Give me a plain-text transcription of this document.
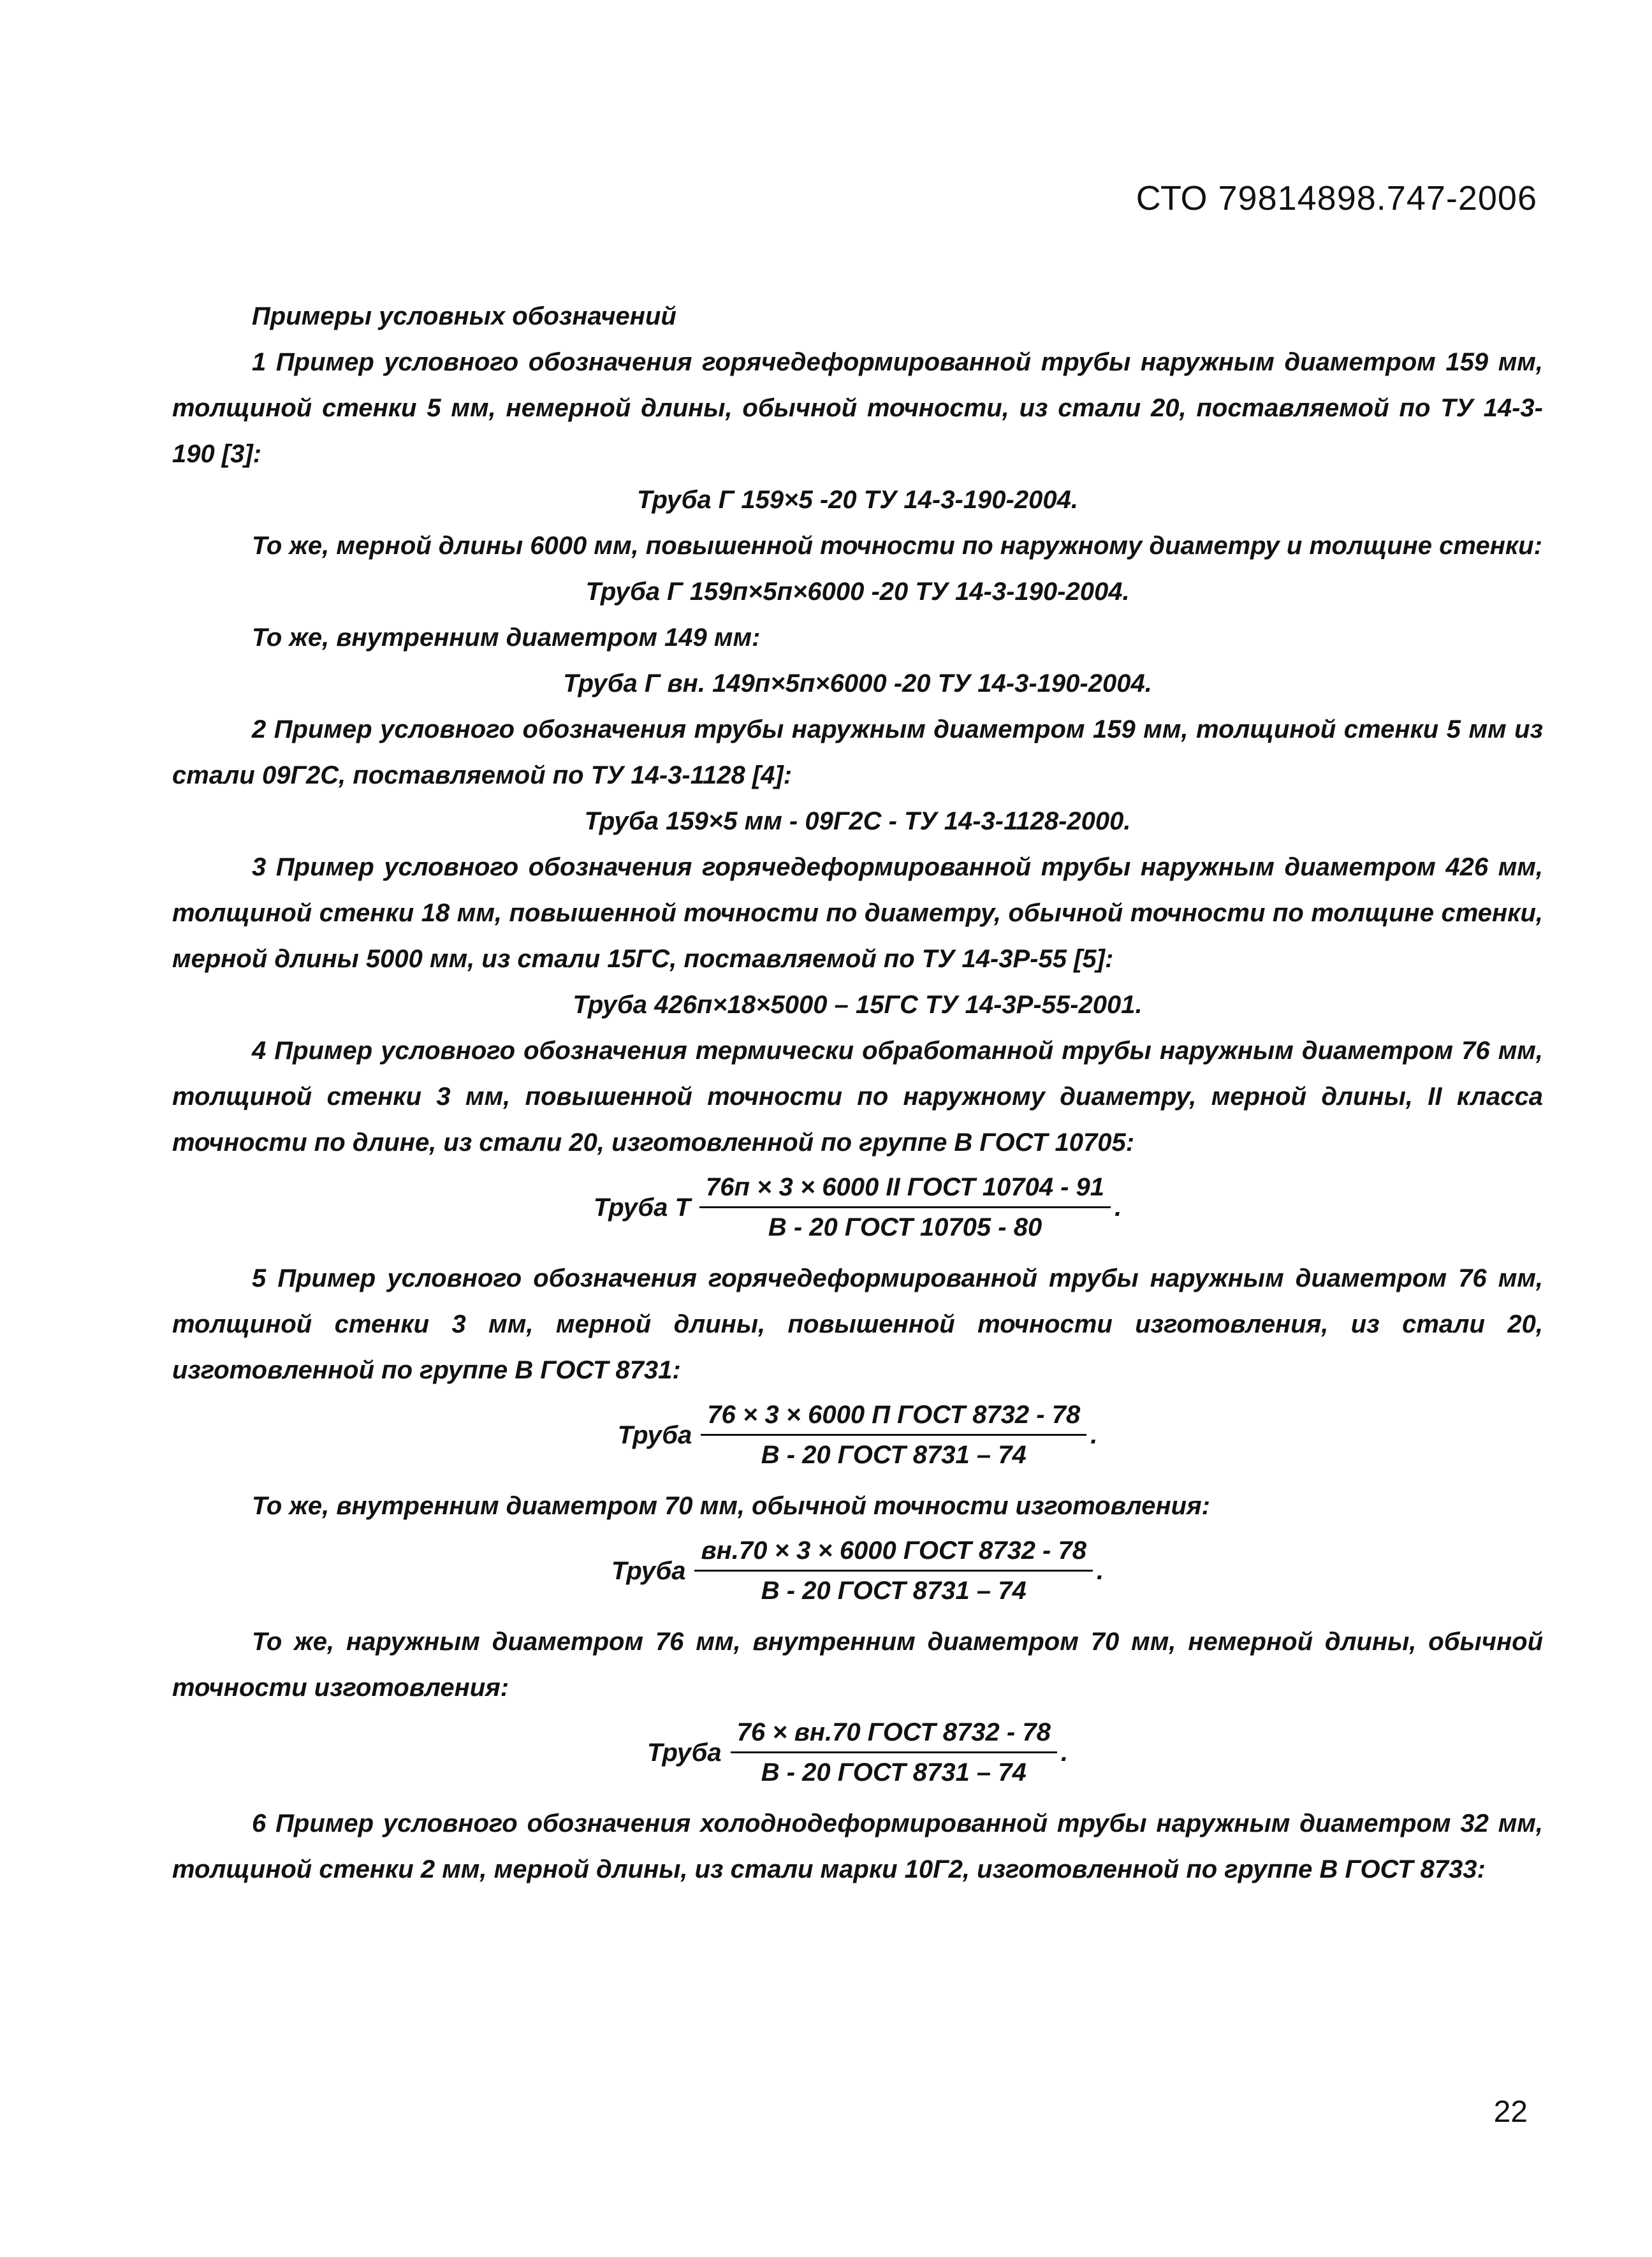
СТО 79814898.747-2006

Примеры условных обозначений

1 Пример условного обозначения горячедеформированной трубы наружным диаметром 159 мм, толщиной стенки 5 мм, немерной длины, обычной точности, из стали 20, поставляемой по ТУ 14-3-190 [3]:

Труба Г 159×5 -20 ТУ 14-3-190-2004.

То же, мерной длины 6000 мм, повышенной точности по наружному диаметру и толщине стенки:

Труба Г 159п×5п×6000 -20 ТУ 14-3-190-2004.

То же, внутренним диаметром 149 мм:

Труба Г вн. 149п×5п×6000 -20 ТУ 14-3-190-2004.

2 Пример условного обозначения трубы наружным диаметром 159 мм, толщиной стенки 5 мм из стали 09Г2С, поставляемой по ТУ 14-3-1128 [4]:

Труба 159×5 мм - 09Г2С - ТУ 14-3-1128-2000.

3 Пример условного обозначения горячедеформированной трубы наружным диаметром 426 мм, толщиной стенки 18 мм, повышенной точности по диаметру, обычной точности по толщине стенки, мерной длины 5000 мм, из стали 15ГС, поставляемой по ТУ 14-3Р-55 [5]:

Труба 426п×18×5000 – 15ГС ТУ 14-3Р-55-2001.

4 Пример условного обозначения термически обработанной трубы наружным диаметром 76 мм, толщиной стенки 3 мм, повышенной точности по наружному диаметру, мерной длины, II класса точности по длине, из стали 20, изготовленной по группе В ГОСТ 10705:

Труба Т $\frac{\text{76п × 3 × 6000 II ГОСТ 10704 - 91}}{\text{В - 20 ГОСТ 10705 - 80}}$ .

5 Пример условного обозначения горячедеформированной трубы наружным диаметром 76 мм, толщиной стенки 3 мм, мерной длины, повышенной точности изготовления, из стали 20, изготовленной по группе В ГОСТ 8731:

Труба $\frac{\text{76 × 3 × 6000 П ГОСТ 8732 - 78}}{\text{В - 20 ГОСТ 8731 – 74}}$ .

То же, внутренним диаметром 70 мм, обычной точности изготовления:

Труба $\frac{\text{вн.70 × 3 × 6000 ГОСТ 8732 - 78}}{\text{В - 20 ГОСТ 8731 – 74}}$ .

То же, наружным диаметром 76 мм, внутренним диаметром 70 мм, немерной длины, обычной точности изготовления:

Труба $\frac{\text{76 × вн.70 ГОСТ 8732 - 78}}{\text{В - 20 ГОСТ 8731 – 74}}$ .

6 Пример условного обозначения холоднодеформированной трубы наружным диаметром 32 мм, толщиной стенки 2 мм, мерной длины, из стали марки 10Г2, изготовленной по группе В ГОСТ 8733:

22
